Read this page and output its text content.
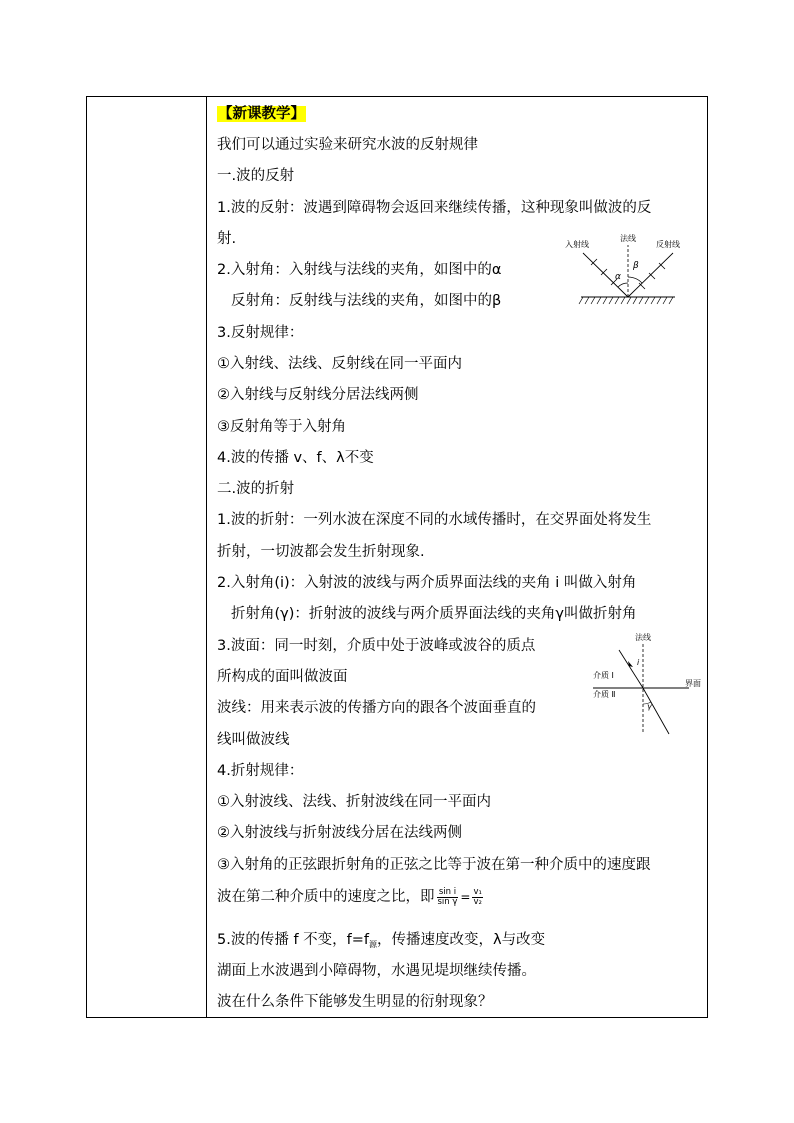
【新课教学】
我们可以通过实验来研究水波的反射规律
一.波的反射
1.波的反射：波遇到障碍物会返回来继续传播，这种现象叫做波的反
射.
2.入射角：入射线与法线的夹角，如图中的α
反射角：反射线与法线的夹角，如图中的β
3.反射规律：
①入射线、法线、反射线在同一平面内
②入射线与反射线分居法线两侧
③反射角等于入射角
4.波的传播 v、f、λ不变
二.波的折射
1.波的折射：一列水波在深度不同的水域传播时，在交界面处将发生
折射，一切波都会发生折射现象.
2.入射角(i)：入射波的波线与两介质界面法线的夹角 i 叫做入射角
折射角(γ)：折射波的波线与两介质界面法线的夹角γ叫做折射角
3.波面：同一时刻，介质中处于波峰或波谷的质点
所构成的面叫做波面
波线：用来表示波的传播方向的跟各个波面垂直的
线叫做波线
4.折射规律：
①入射波线、法线、折射波线在同一平面内
②入射波线与折射波线分居在法线两侧
③入射角的正弦跟折射角的正弦之比等于波在第一种介质中的速度跟
波在第二种介质中的速度之比，即 $\frac{\text{sin i}}{\text{sin γ}} = \frac{\text{v₁}}{\text{v₂}}$
5.波的传播 f 不变，$f=f_源$，传播速度改变，λ与改变
湖面上水波遇到小障碍物，水遇见堤坝继续传播。
波在什么条件下能够发生明显的衍射现象？
α
β
入射线
法线
反射线
法线
i
γ
介质 Ⅰ
介质 Ⅱ
界面
